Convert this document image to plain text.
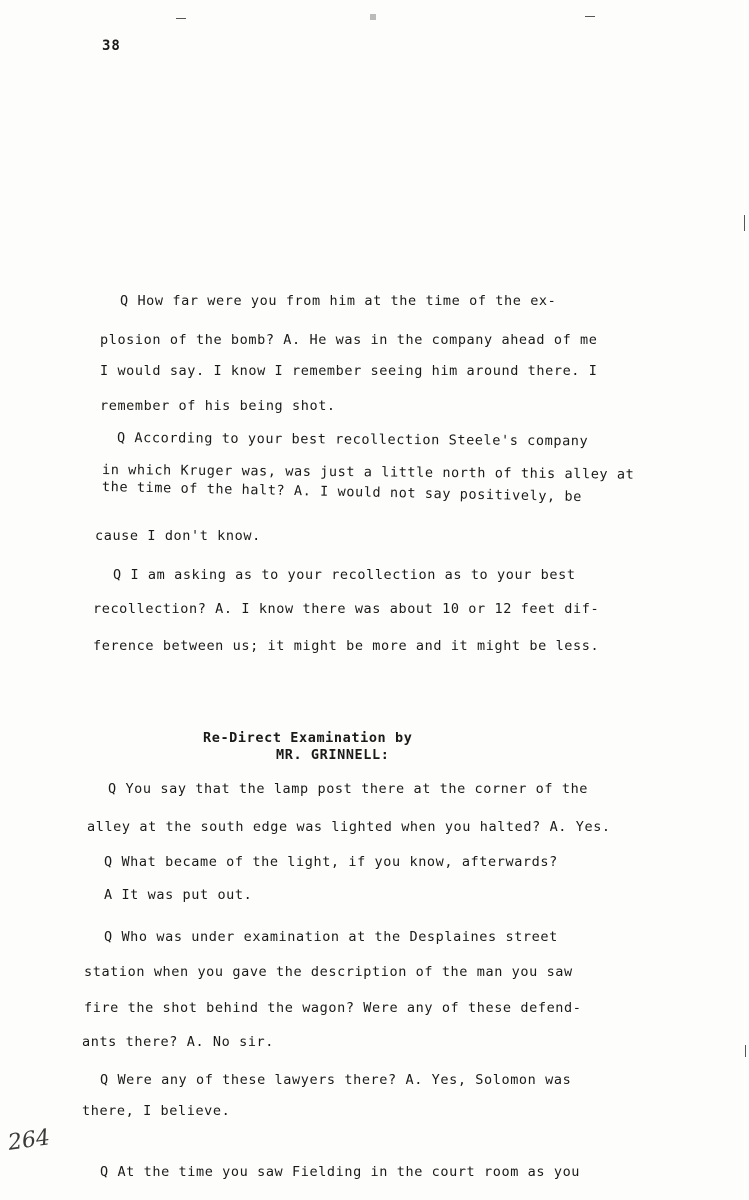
38
Q How far were you from him at the time of the ex-
plosion of the bomb? A. He was in the company ahead of me
I would say. I know I remember seeing him around there. I
remember of his being shot.
Q According to your best recollection Steele's company
in which Kruger was, was just a little north of this alley at
the time of the halt? A. I would not say positively, be
cause I don't know.
Q I am asking as to your recollection as to your best
recollection? A. I know there was about 10 or 12 feet dif-
ference between us; it might be more and it might be less.
Re-Direct Examination by
MR. GRINNELL:
Q You say that the lamp post there at the corner of the
alley at the south edge was lighted when you halted? A. Yes.
Q What became of the light, if you know, afterwards?
A It was put out.
Q Who was under examination at the Desplaines street
station when you gave the description of the man you saw
fire the shot behind the wagon? Were any of these defend-
ants there? A. No sir.
Q Were any of these lawyers there? A. Yes, Solomon was
there, I believe.
Q At the time you saw Fielding in the court room as you
264
